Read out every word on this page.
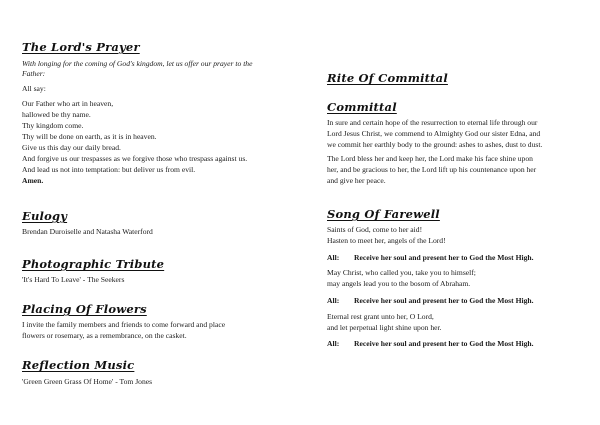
The Lord's Prayer

With longing for the coming of God's kingdom, let us offer our prayer to the

Father:

All say:

Our Father who art in heaven,

hallowed be thy name.

Thy kingdom come.

Thy will be done on earth, as it is in heaven.

Give us this day our daily bread.

And forgive us our trespasses as we forgive those who trespass against us.

And lead us not into temptation: but deliver us from evil.

Amen.

Eulogy

Brendan Duroiselle and Natasha Waterford

Photographic Tribute

'It's Hard To Leave' - The Seekers

Placing Of Flowers

I invite the family members and friends to come forward and place

flowers or rosemary, as a remembrance, on the casket.

Reflection Music

'Green Green Grass Of Home' - Tom Jones

Rite Of Committal
Committal

In sure and certain hope of the resurrection to eternal life through our

Lord Jesus Christ, we commend to Almighty God our sister Edna, and

we commit her earthly body to the ground: ashes to ashes, dust to dust.

The Lord bless her and keep her, the Lord make his face shine upon

her, and be gracious to her, the Lord lift up his countenance upon her

and give her peace.

Song Of Farewell

Saints of God, come to her aid!

Hasten to meet her, angels of the Lord!

All: Receive her soul and present her to God the Most High.

May Christ, who called you, take you to himself;

may angels lead you to the bosom of Abraham.

All: Receive her soul and present her to God the Most High.

Eternal rest grant unto her, O Lord,

and let perpetual light shine upon her.

All: Receive her soul and present her to God the Most High.
